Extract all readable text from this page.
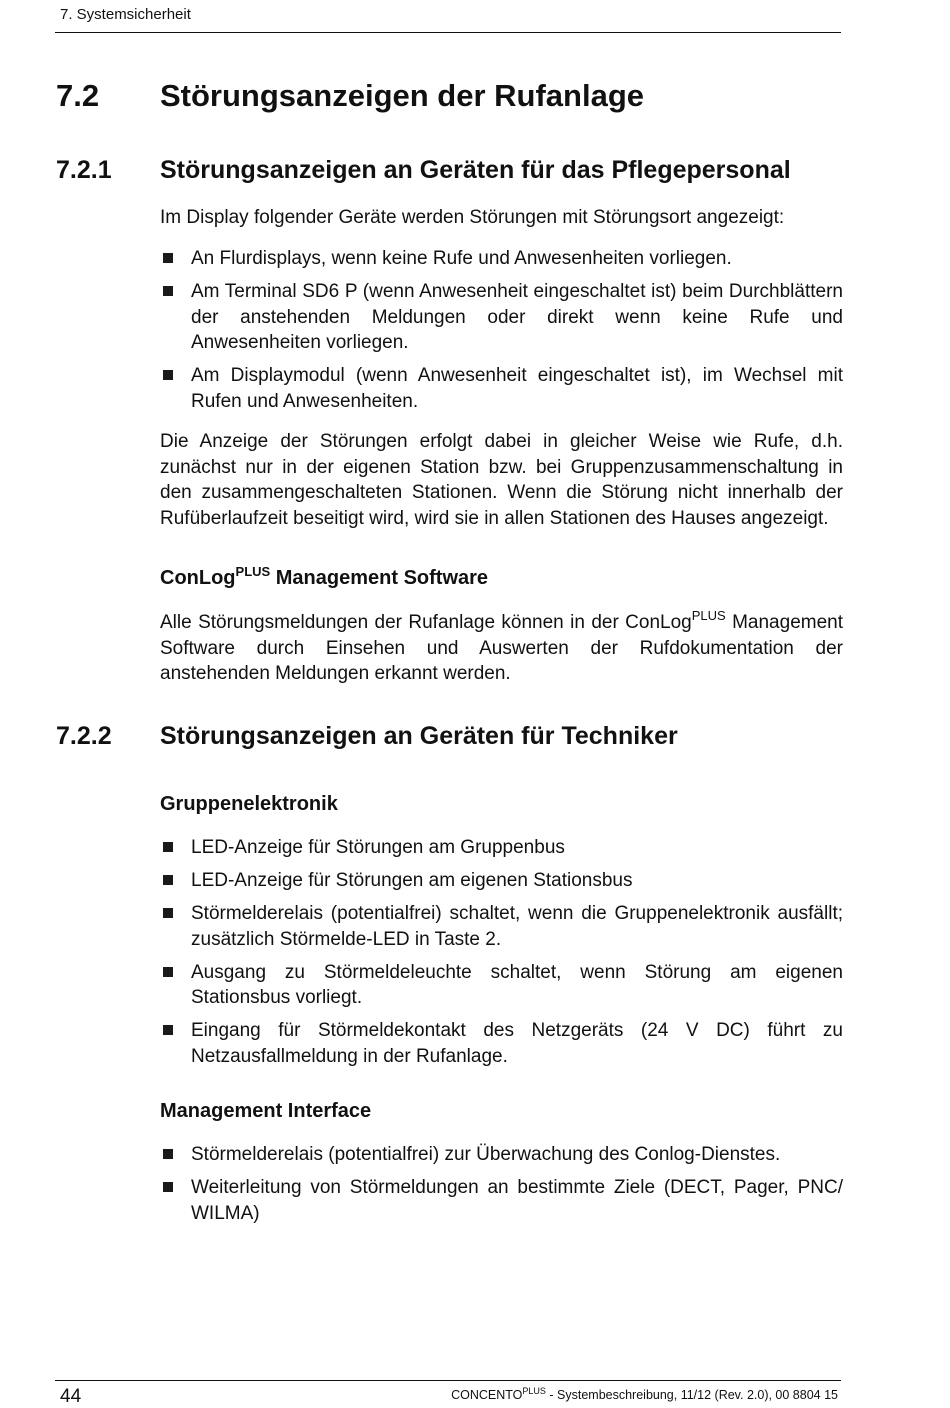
7. Systemsicherheit
7.2 Störungsanzeigen der Rufanlage
7.2.1 Störungsanzeigen an Geräten für das Pflegepersonal

Im Display folgender Geräte werden Störungen mit Störungsort angezeigt:

An Flurdisplays, wenn keine Rufe und Anwesenheiten vorliegen.
Am Terminal SD6 P (wenn Anwesenheit eingeschaltet ist) beim Durchblättern der anstehenden Meldungen oder direkt wenn keine Rufe und Anwesenheiten vorliegen.
Am Displaymodul (wenn Anwesenheit eingeschaltet ist), im Wechsel mit Rufen und Anwesenheiten.

Die Anzeige der Störungen erfolgt dabei in gleicher Weise wie Rufe, d.h. zunächst nur in der eigenen Station bzw. bei Gruppenzusammenschaltung in den zusammengeschalteten Stationen. Wenn die Störung nicht innerhalb der Rufüberlaufzeit beseitigt wird, wird sie in allen Stationen des Hauses angezeigt.

ConLog$^{PLUS}$ Management Software

Alle Störungsmeldungen der Rufanlage können in der ConLog$^{PLUS}$ Management Software durch Einsehen und Auswerten der Rufdokumentation der anstehenden Meldungen erkannt werden.

7.2.2 Störungsanzeigen an Geräten für Techniker
Gruppenelektronik
LED-Anzeige für Störungen am Gruppenbus
LED-Anzeige für Störungen am eigenen Stationsbus
Störmelderelais (potentialfrei) schaltet, wenn die Gruppenelektronik ausfällt; zusätzlich Störmelde-LED in Taste 2.
Ausgang zu Störmeldeleuchte schaltet, wenn Störung am eigenen Stationsbus vorliegt.
Eingang für Störmeldekontakt des Netzgeräts (24 V DC) führt zu Netzausfallmeldung in der Rufanlage.
Management Interface
Störmelderelais (potentialfrei) zur Überwachung des Conlog-Dienstes.
Weiterleitung von Störmeldungen an bestimmte Ziele (DECT, Pager, PNC/ WILMA)
44	$CONCENTO^{PLUS}$ - Systembeschreibung, 11/12 (Rev. 2.0), 00 8804 15
